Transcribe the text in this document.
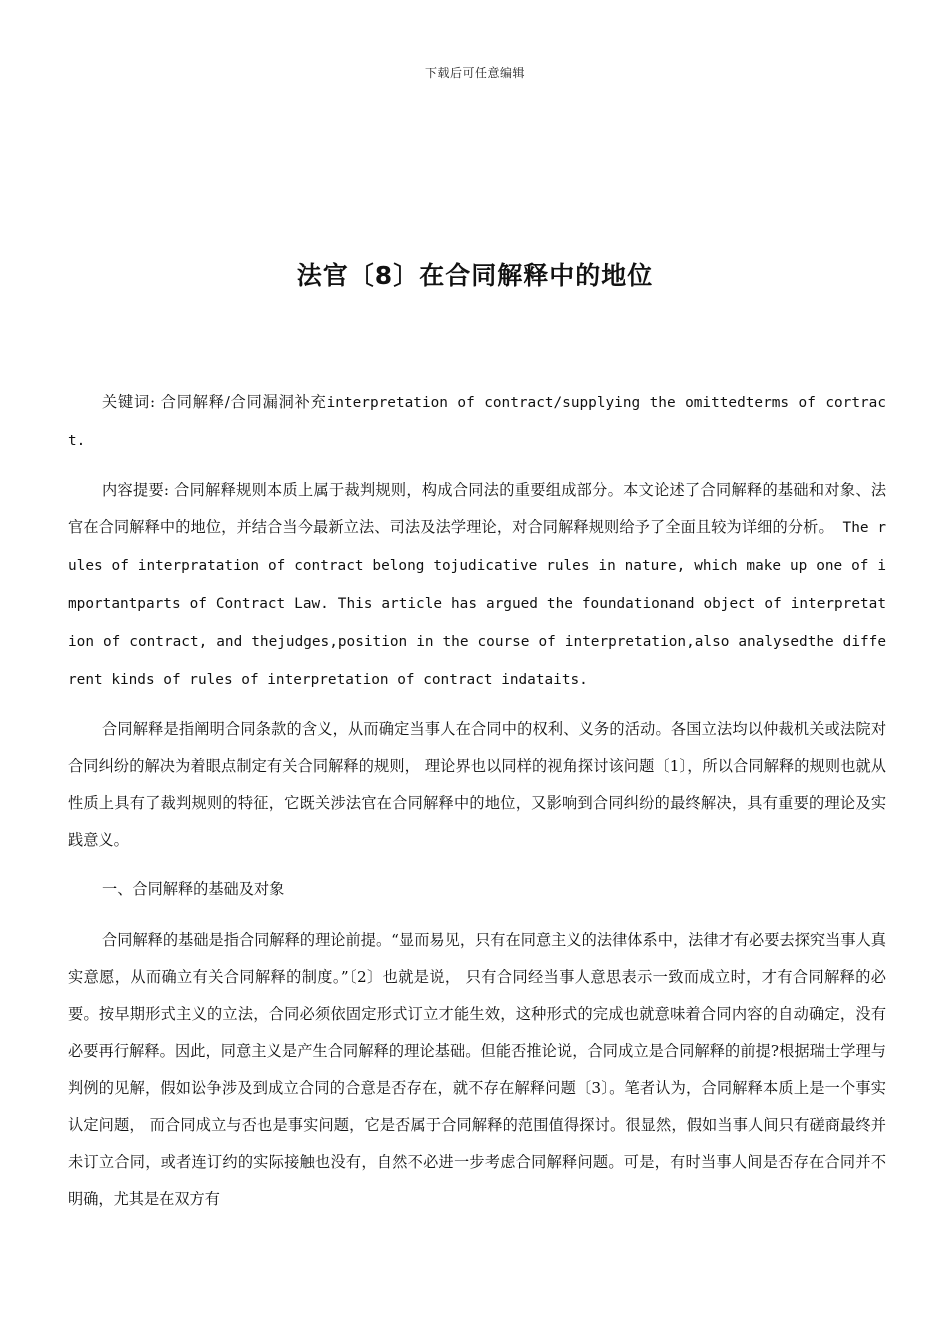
下载后可任意编辑
法官〔8〕在合同解释中的地位

关键词: 合同解释/合同漏洞补充interpretation of contract/supplying the omittedterms of cortract.

内容提要: 合同解释规则本质上属于裁判规则，构成合同法的重要组成部分。本文论述了合同解释的基础和对象、法官在合同解释中的地位，并结合当今最新立法、司法及法学理论，对合同解释规则给予了全面且较为详细的分析。 The rules of interpratation of contract belong tojudicative rules in nature, which make up one of importantparts of Contract Law. This article has argued the foundationand object of interpretation of contract, and thejudges,position in the course of interpretation,also analysedthe different kinds of rules of interpretation of contract indataits.

合同解释是指阐明合同条款的含义，从而确定当事人在合同中的权利、义务的活动。各国立法均以仲裁机关或法院对合同纠纷的解决为着眼点制定有关合同解释的规则， 理论界也以同样的视角探讨该问题〔1〕，所以合同解释的规则也就从性质上具有了裁判规则的特征，它既关涉法官在合同解释中的地位，又影响到合同纠纷的最终解决，具有重要的理论及实践意义。

一、合同解释的基础及对象

合同解释的基础是指合同解释的理论前提。“显而易见，只有在同意主义的法律体系中，法律才有必要去探究当事人真实意愿，从而确立有关合同解释的制度。”〔2〕也就是说， 只有合同经当事人意思表示一致而成立时，才有合同解释的必要。按早期形式主义的立法，合同必须依固定形式订立才能生效，这种形式的完成也就意味着合同内容的自动确定，没有必要再行解释。因此，同意主义是产生合同解释的理论基础。但能否推论说，合同成立是合同解释的前提?根据瑞士学理与判例的见解，假如讼争涉及到成立合同的合意是否存在，就不存在解释问题〔3〕。笔者认为，合同解释本质上是一个事实认定问题， 而合同成立与否也是事实问题，它是否属于合同解释的范围值得探讨。很显然，假如当事人间只有磋商最终并未订立合同，或者连订约的实际接触也没有，自然不必进一步考虑合同解释问题。可是，有时当事人间是否存在合同并不明确，尤其是在双方有
